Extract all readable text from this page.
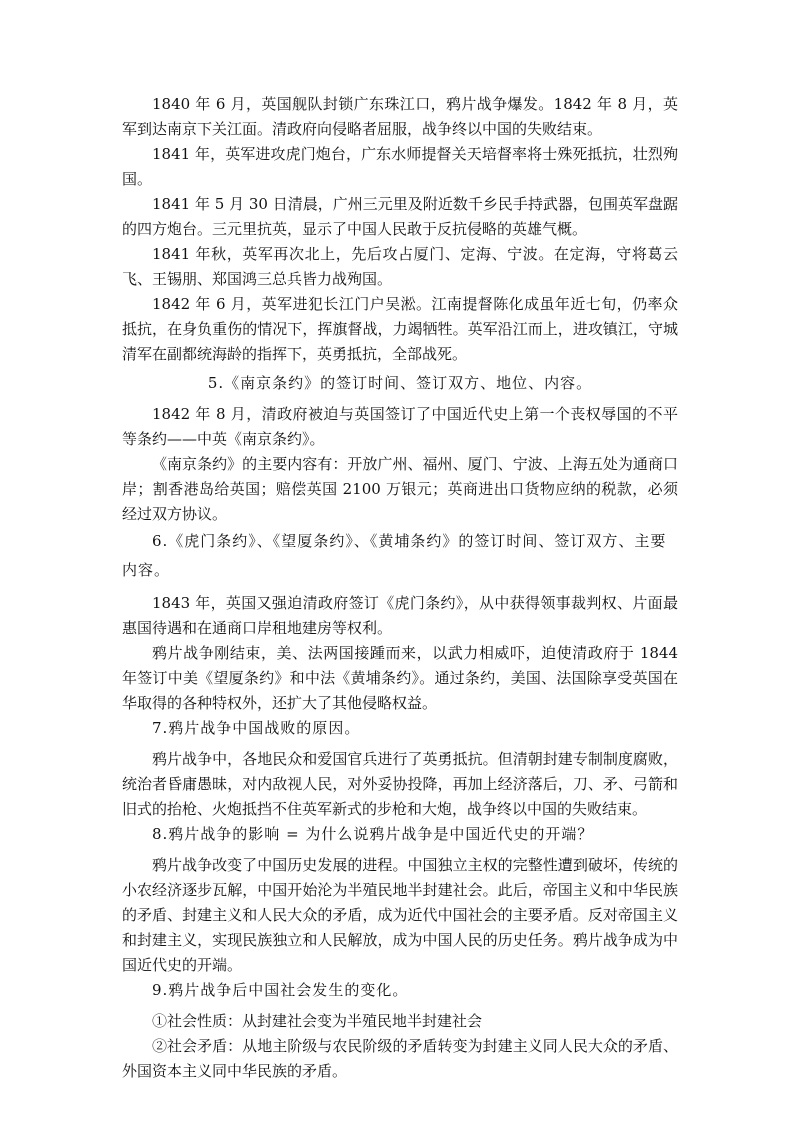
1840 年 6 月，英国舰队封锁广东珠江口，鸦片战争爆发。1842 年 8 月，英军到达南京下关江面。清政府向侵略者屈服，战争终以中国的失败结束。

1841 年，英军进攻虎门炮台，广东水师提督关天培督率将士殊死抵抗，壮烈殉国。

1841 年 5 月 30 日清晨，广州三元里及附近数千乡民手持武器，包围英军盘踞的四方炮台。三元里抗英，显示了中国人民敢于反抗侵略的英雄气概。

1841 年秋，英军再次北上，先后攻占厦门、定海、宁波。在定海，守将葛云飞、王锡朋、郑国鸿三总兵皆力战殉国。

1842 年 6 月，英军进犯长江门户吴淞。江南提督陈化成虽年近七旬，仍率众抵抗，在身负重伤的情况下，挥旗督战，力竭牺牲。英军沿江而上，进攻镇江，守城清军在副都统海龄的指挥下，英勇抵抗，全部战死。

5.《南京条约》的签订时间、签订双方、地位、内容。

1842 年 8 月，清政府被迫与英国签订了中国近代史上第一个丧权辱国的不平等条约——中英《南京条约》。

《南京条约》的主要内容有：开放广州、福州、厦门、宁波、上海五处为通商口岸；割香港岛给英国；赔偿英国 2100 万银元；英商进出口货物应纳的税款，必须经过双方协议。

6.《虎门条约》、《望厦条约》、《黄埔条约》的签订时间、签订双方、主要内容。

1843 年，英国又强迫清政府签订《虎门条约》，从中获得领事裁判权、片面最惠国待遇和在通商口岸租地建房等权利。

鸦片战争刚结束，美、法两国接踵而来，以武力相威吓，迫使清政府于 1844 年签订中美《望厦条约》和中法《黄埔条约》。通过条约，美国、法国除享受英国在华取得的各种特权外，还扩大了其他侵略权益。

7.鸦片战争中国战败的原因。

鸦片战争中，各地民众和爱国官兵进行了英勇抵抗。但清朝封建专制制度腐败，统治者昏庸愚昧，对内敌视人民，对外妥协投降，再加上经济落后，刀、矛、弓箭和旧式的抬枪、火炮抵挡不住英军新式的步枪和大炮，战争终以中国的失败结束。

8.鸦片战争的影响 = 为什么说鸦片战争是中国近代史的开端？

鸦片战争改变了中国历史发展的进程。中国独立主权的完整性遭到破坏，传统的小农经济逐步瓦解，中国开始沦为半殖民地半封建社会。此后，帝国主义和中华民族的矛盾、封建主义和人民大众的矛盾，成为近代中国社会的主要矛盾。反对帝国主义和封建主义，实现民族独立和人民解放，成为中国人民的历史任务。鸦片战争成为中国近代史的开端。

9.鸦片战争后中国社会发生的变化。

①社会性质：从封建社会变为半殖民地半封建社会

②社会矛盾：从地主阶级与农民阶级的矛盾转变为封建主义同人民大众的矛盾、外国资本主义同中华民族的矛盾。
